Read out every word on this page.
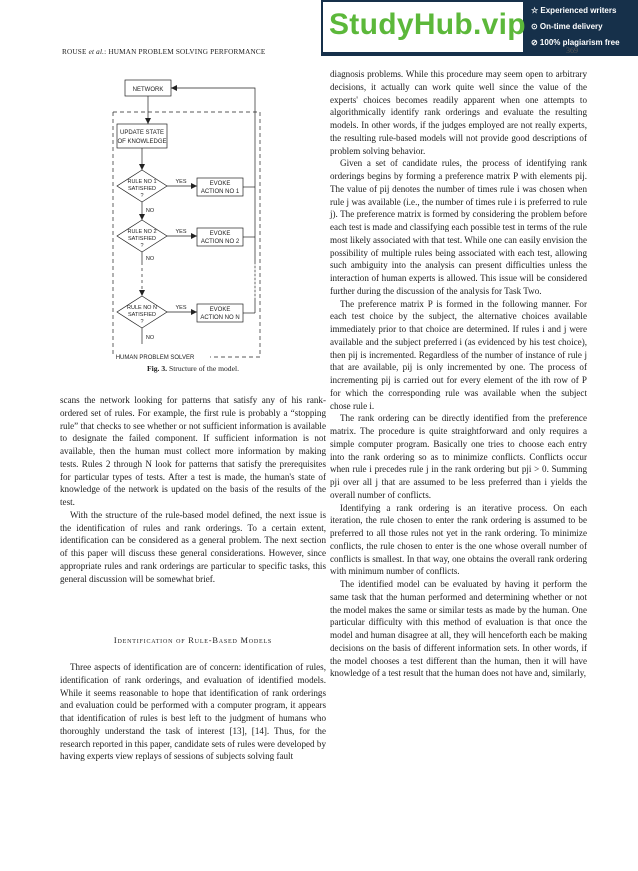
StudyHub.vip ☆ Experienced writers
⊙ On-time delivery
⊘ 100% plagiarism free
ROUSE et al.: HUMAN PROBLEM SOLVING PERFORMANCE	369
NETWORK
UPDATE STATE
OF KNOWLEDGE
RULE NO 1
SATISFIED
?
EVOKE
ACTION NO 1
YES
NO
RULE NO 2
SATISFIED
?
EVOKE
ACTION NO 2
YES
NO
RULE NO N
SATISFIED
?
EVOKE
ACTION NO N
YES
NO
HUMAN PROBLEM SOLVER
Fig. 3. Structure of the model.

scans the network looking for patterns that satisfy any of his rank-ordered set of rules. For example, the first rule is probably a “stopping rule” that checks to see whether or not sufficient information is available to designate the failed component. If sufficient information is not available, then the human must collect more information by making tests. Rules 2 through N look for patterns that satisfy the prerequisites for particular types of tests. After a test is made, the human's state of knowledge of the network is updated on the basis of the results of the test.

With the structure of the rule-based model defined, the next issue is the identification of rules and rank orderings. To a certain extent, identification can be considered as a general problem. The next section of this paper will discuss these general considerations. However, since appropriate rules and rank orderings are particular to specific tasks, this general discussion will be somewhat brief.

Identification of Rule-Based Models

Three aspects of identification are of concern: identification of rules, identification of rank orderings, and evaluation of identified models. While it seems reasonable to hope that identification of rank orderings and evaluation could be performed with a computer program, it appears that identification of rules is best left to the judgment of humans who thoroughly understand the task of interest [13], [14]. Thus, for the research reported in this paper, candidate sets of rules were developed by having experts view replays of sessions of subjects solving fault

diagnosis problems. While this procedure may seem open to arbitrary decisions, it actually can work quite well since the value of the experts' choices becomes readily apparent when one attempts to algorithmically identify rank orderings and evaluate the resulting models. In other words, if the judges employed are not really experts, the resulting rule-based models will not provide good descriptions of problem solving behavior.

Given a set of candidate rules, the process of identifying rank orderings begins by forming a preference matrix P with elements pij. The value of pij denotes the number of times rule i was chosen when rule j was available (i.e., the number of times rule i is preferred to rule j). The preference matrix is formed by considering the problem before each test is made and classifying each possible test in terms of the rule most likely associated with that test. While one can easily envision the possibility of multiple rules being associated with each test, allowing such ambiguity into the analysis can present difficulties unless the interaction of human experts is allowed. This issue will be considered further during the discussion of the analysis for Task Two.

The preference matrix P is formed in the following manner. For each test choice by the subject, the alternative choices available immediately prior to that choice are determined. If rules i and j were available and the subject preferred i (as evidenced by his test choice), then pij is incremented. Regardless of the number of instance of rule j that are available, pij is only incremented by one. The process of incrementing pij is carried out for every element of the ith row of P for which the corresponding rule was available when the subject chose rule i.

The rank ordering can be directly identified from the preference matrix. The procedure is quite straightforward and only requires a simple computer program. Basically one tries to choose each entry into the rank ordering so as to minimize conflicts. Conflicts occur when rule i precedes rule j in the rank ordering but pji > 0. Summing pji over all j that are assumed to be less preferred than i yields the overall number of conflicts.

Identifying a rank ordering is an iterative process. On each iteration, the rule chosen to enter the rank ordering is assumed to be preferred to all those rules not yet in the rank ordering. To minimize conflicts, the rule chosen to enter is the one whose overall number of conflicts is smallest. In that way, one obtains the overall rank ordering with minimum number of conflicts.

The identified model can be evaluated by having it perform the same task that the human performed and determining whether or not the model makes the same or similar tests as made by the human. One particular difficulty with this method of evaluation is that once the model and human disagree at all, they will henceforth each be making decisions on the basis of different information sets. In other words, if the model chooses a test different than the human, then it will have knowledge of a test result that the human does not have and, similarly,
